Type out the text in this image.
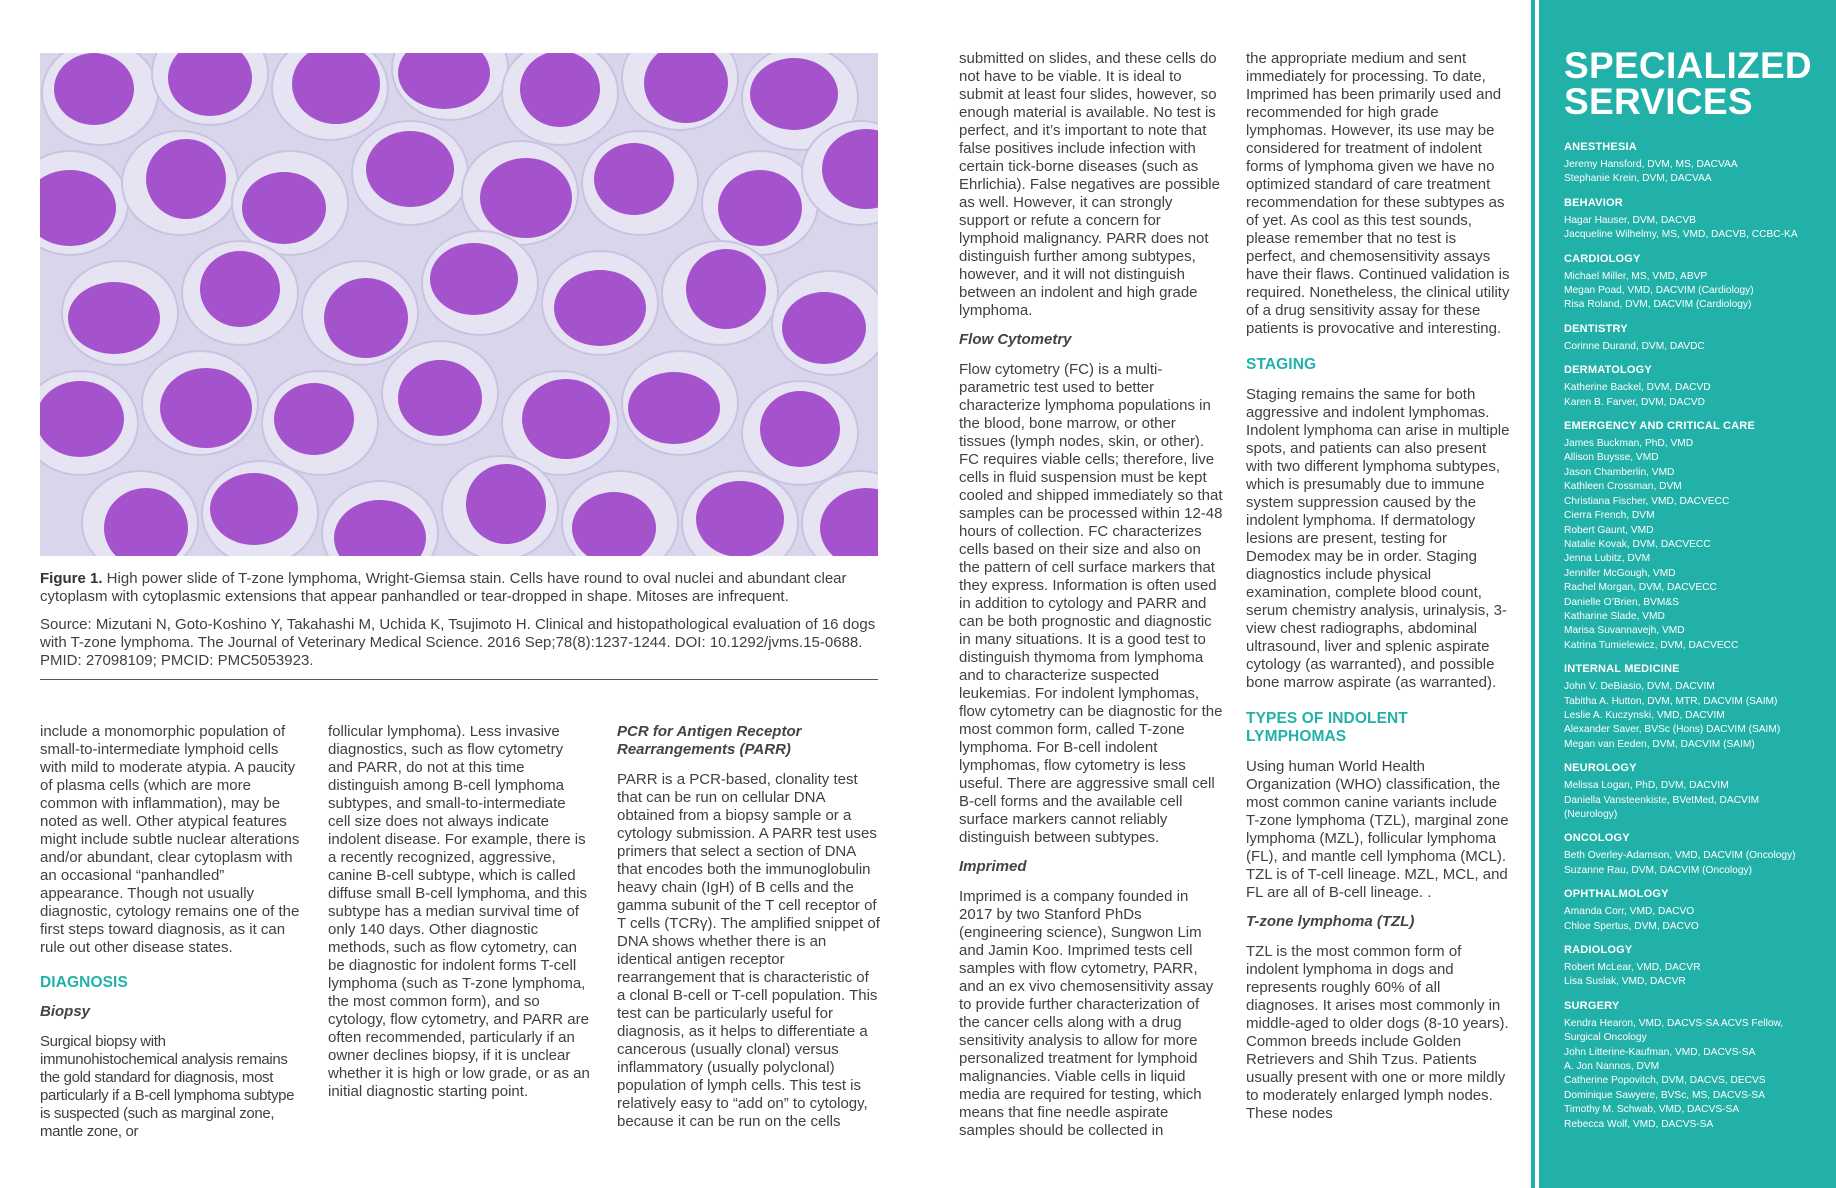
Figure 1. High power slide of T-zone lymphoma, Wright-Giemsa stain. Cells have round to oval nuclei and abundant clear cytoplasm with cytoplasmic extensions that appear panhandled or tear-dropped in shape. Mitoses are infrequent.
Source: Mizutani N, Goto-Koshino Y, Takahashi M, Uchida K, Tsujimoto H. Clinical and histopathological evaluation of 16 dogs with T-zone lymphoma. The Journal of Veterinary Medical Science. 2016 Sep;78(8):1237-1244. DOI: 10.1292/jvms.15-0688. PMID: 27098109; PMCID: PMC5053923.

include a monomorphic population of small-to-intermediate lymphoid cells with mild to moderate atypia. A paucity of plasma cells (which are more common with inflammation), may be noted as well. Other atypical features might include subtle nuclear alterations and/or abundant, clear cytoplasm with an occasional “panhandled” appearance. Though not usually diagnostic, cytology remains one of the first steps toward diagnosis, as it can rule out other disease states.

DIAGNOSIS

Biopsy

Surgical biopsy with immunohistochemical analysis remains the gold standard for diagnosis, most particularly if a B-cell lymphoma subtype is suspected (such as marginal zone, mantle zone, or

follicular lymphoma). Less invasive diagnostics, such as flow cytometry and PARR, do not at this time distinguish among B-cell lymphoma subtypes, and small-to-intermediate cell size does not always indicate indolent disease. For example, there is a recently recognized, aggressive, canine B-cell subtype, which is called diffuse small B-cell lymphoma, and this subtype has a median survival time of only 140 days. Other diagnostic methods, such as flow cytometry, can be diagnostic for indolent forms T-cell lymphoma (such as T-zone lymphoma, the most common form), and so cytology, flow cytometry, and PARR are often recommended, particularly if an owner declines biopsy, if it is unclear whether it is high or low grade, or as an initial diagnostic starting point.

PCR for Antigen Receptor Rearrangements (PARR)

PARR is a PCR-based, clonality test that can be run on cellular DNA obtained from a biopsy sample or a cytology submission. A PARR test uses primers that select a section of DNA that encodes both the immunoglobulin heavy chain (IgH) of B cells and the gamma subunit of the T cell receptor of T cells (TCRγ). The amplified snippet of DNA shows whether there is an identical antigen receptor rearrangement that is characteristic of a clonal B-cell or T-cell population. This test can be particularly useful for diagnosis, as it helps to differentiate a cancerous (usually clonal) versus inflammatory (usually polyclonal) population of lymph cells. This test is relatively easy to “add on” to cytology, because it can be run on the cells

submitted on slides, and these cells do not have to be viable. It is ideal to submit at least four slides, however, so enough material is available. No test is perfect, and it’s important to note that false positives include infection with certain tick-borne diseases (such as Ehrlichia). False negatives are possible as well. However, it can strongly support or refute a concern for lymphoid malignancy. PARR does not distinguish further among subtypes, however, and it will not distinguish between an indolent and high grade lymphoma.

Flow Cytometry

Flow cytometry (FC) is a multi-parametric test used to better characterize lymphoma populations in the blood, bone marrow, or other tissues (lymph nodes, skin, or other). FC requires viable cells; therefore, live cells in fluid suspension must be kept cooled and shipped immediately so that samples can be processed within 12-48 hours of collection. FC characterizes cells based on their size and also on the pattern of cell surface markers that they express. Information is often used in addition to cytology and PARR and can be both prognostic and diagnostic in many situations. It is a good test to distinguish thymoma from lymphoma and to characterize suspected leukemias. For indolent lymphomas, flow cytometry can be diagnostic for the most common form, called T-zone lymphoma. For B-cell indolent lymphomas, flow cytometry is less useful. There are aggressive small cell B-cell forms and the available cell surface markers cannot reliably distinguish between subtypes.

Imprimed

Imprimed is a company founded in 2017 by two Stanford PhDs (engineering science), Sungwon Lim and Jamin Koo. Imprimed tests cell samples with flow cytometry, PARR, and an ex vivo chemosensitivity assay to provide further characterization of the cancer cells along with a drug sensitivity analysis to allow for more personalized treatment for lymphoid malignancies. Viable cells in liquid media are required for testing, which means that fine needle aspirate samples should be collected in

the appropriate medium and sent immediately for processing. To date, Imprimed has been primarily used and recommended for high grade lymphomas. However, its use may be considered for treatment of indolent forms of lymphoma given we have no optimized standard of care treatment recommendation for these subtypes as of yet. As cool as this test sounds, please remember that no test is perfect, and chemosensitivity assays have their flaws. Continued validation is required. Nonetheless, the clinical utility of a drug sensitivity assay for these patients is provocative and interesting.

STAGING

Staging remains the same for both aggressive and indolent lymphomas. Indolent lymphoma can arise in multiple spots, and patients can also present with two different lymphoma subtypes, which is presumably due to immune system suppression caused by the indolent lymphoma. If dermatology lesions are present, testing for Demodex may be in order. Staging diagnostics include physical examination, complete blood count, serum chemistry analysis, urinalysis, 3-view chest radiographs, abdominal ultrasound, liver and splenic aspirate cytology (as warranted), and possible bone marrow aspirate (as warranted).

TYPES OF INDOLENT LYMPHOMAS

Using human World Health Organization (WHO) classification, the most common canine variants include T-zone lymphoma (TZL), marginal zone lymphoma (MZL), follicular lymphoma (FL), and mantle cell lymphoma (MCL). TZL is of T-cell lineage. MZL, MCL, and FL are all of B-cell lineage. .

T-zone lymphoma (TZL)

TZL is the most common form of indolent lymphoma in dogs and represents roughly 60% of all diagnoses. It arises most commonly in middle-aged to older dogs (8-10 years). Common breeds include Golden Retrievers and Shih Tzus. Patients usually present with one or more mildly to moderately enlarged lymph nodes. These nodes

SPECIALIZED
SERVICES
ANESTHESIA
Jeremy Hansford, DVM, MS, DACVAA
Stephanie Krein, DVM, DACVAA
BEHAVIOR
Hagar Hauser, DVM, DACVB
Jacqueline Wilhelmy, MS, VMD, DACVB, CCBC-KA
CARDIOLOGY
Michael Miller, MS, VMD, ABVP
Megan Poad, VMD, DACVIM (Cardiology)
Risa Roland, DVM, DACVIM (Cardiology)
DENTISTRY
Corinne Durand, DVM, DAVDC
DERMATOLOGY
Katherine Backel, DVM, DACVD
Karen B. Farver, DVM, DACVD
EMERGENCY AND CRITICAL CARE
James Buckman, PhD, VMD
Allison Buysse, VMD
Jason Chamberlin, VMD
Kathleen Crossman, DVM
Christiana Fischer, VMD, DACVECC
Cierra French, DVM
Robert Gaunt, VMD
Natalie Kovak, DVM, DACVECC
Jenna Lubitz, DVM
Jennifer McGough, VMD
Rachel Morgan, DVM, DACVECC
Danielle O’Brien, BVM&S
Katharine Slade, VMD
Marisa Suvannavejh, VMD
Katrina Tumielewicz, DVM, DACVECC
INTERNAL MEDICINE
John V. DeBiasio, DVM, DACVIM
Tabitha A. Hutton, DVM, MTR, DACVIM (SAIM)
Leslie A. Kuczynski, VMD, DACVIM
Alexander Saver, BVSc (Hons) DACVIM (SAIM)
Megan van Eeden, DVM, DACVIM (SAIM)
NEUROLOGY
Melissa Logan, PhD, DVM, DACVIM
Daniella Vansteenkiste, BVetMed, DACVIM
(Neurology)
ONCOLOGY
Beth Overley-Adamson, VMD, DACVIM (Oncology)
Suzanne Rau, DVM, DACVIM (Oncology)
OPHTHALMOLOGY
Amanda Corr, VMD, DACVO
Chloe Spertus, DVM, DACVO
RADIOLOGY
Robert McLear, VMD, DACVR
Lisa Suslak, VMD, DACVR
SURGERY
Kendra Hearon, VMD, DACVS-SA ACVS Fellow,
Surgical Oncology
John Litterine-Kaufman, VMD, DACVS-SA
A. Jon Nannos, DVM
Catherine Popovitch, DVM, DACVS, DECVS
Dominique Sawyere, BVSc, MS, DACVS-SA
Timothy M. Schwab, VMD, DACVS-SA
Rebecca Wolf, VMD, DACVS-SA
